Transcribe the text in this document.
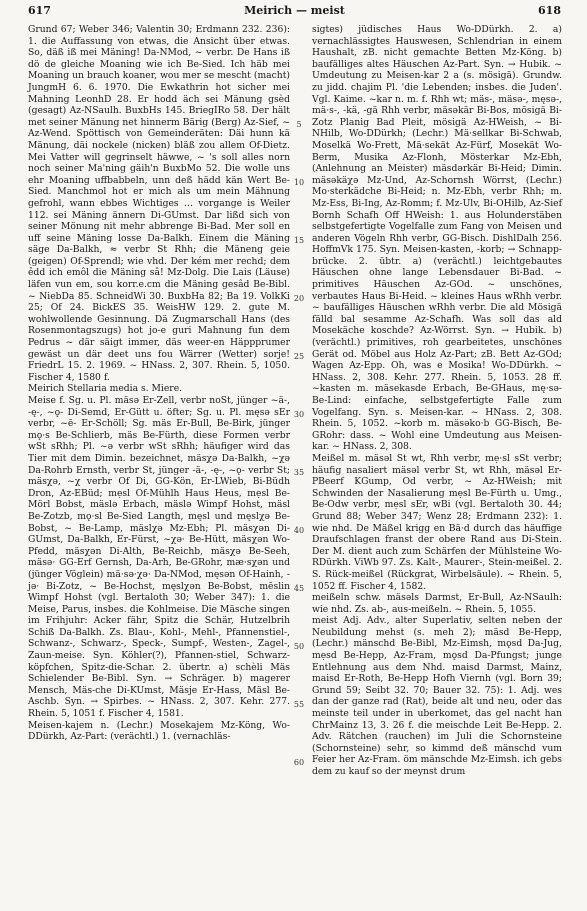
617	Meirich — meist	618

Grund 67; Weber 346; Valentin 30; Erdmann 232. 236): 1. die Auffassung von etwas, die Ansicht über etwas. So, däß iß mei Mäning! Da-NMod, ~ verbr. De Hans iß dö de gleiche Moaning wie ich Be-Sied. Ich häb mei Moaning un brauch koaner, wou mer se mescht (macht) JungmH 6. 6. 1970. Die Ewkathrin hot sicher mei Mahning LeonhD 28. Er hodd äch sei Mänung gsèd (gesagt) Az-NSaulh. BuxbHs 145. BriegIRo 58. Der hält met seiner Mänung net hinnerm Bärig (Berg) Az-Sief, ~ Az-Wend. Spöttisch von Gemeinderäten: Däi hunn kä Mänung, däi nockele (nicken) bläß zou allem Of-Dietz. Mei Vatter will gegrinselt häwwe, ~ 's soll alles norn noch seiner Ma'ning gäih'n BuxbMo 52. Die wolle uns ehr Moaning uffbabbeln, unn deß hädd kän Wert Be-Sied. Manchmol hot er mich als um mein Mähnung gefrohl, wann ebbes Wichtiges … vorgange is Weiler 112. sei Mäning ännern Di-GUmst. Dar lißd sich von seiner Mönung nit mehr abbrenge Bi-Bad. Mer soll en uff seine Mäning losse Da-Balkh. Einem die Mäning säge Da-Balkh, ≈ verbr St Rhh; die Mäneng geie (geigen) Of-Sprendl; wie vhd. Der kém mer rechd; dem ẻdd ich emôl die Mäning sâ! Mz-Dolg. Die Lais (Läuse) läfen vun em, sou korr.e.cm die Mäning gesâd Be-Bibl. ~ NiebDa 85. SchneidWi 30. BuxbHa 82; Ba 19. VolkKi 25; Of 24. BickES 35. WeisHW 129. 2. gute M. wohlwollende Gesinnung. Dä Zugmarschall Hans (des Rosenmontagszugs) hot jo-e guri Mahnung fun dem Pedrus ~ där säigt immer, däs weer-en Häppprumer gewäst un där deet uns fou Wärrer (Wetter) sorje! FriedrL 15. 2. 1969. ~ HNass. 2, 307. Rhein. 5, 1050. Fischer 4, 1580 f.

Meirich Stellaria media s. Miere.

Meise f. Sg. u. Pl. mäsə Er-Zell, verbr noSt, jünger ~ä-, -ę-, ~ǫ- Di-Semd, Er-Gütt u. öfter; Sg. u. Pl. męsə sEr verbr, ~ē- Er-Schöll; Sg. mäs Er-Bull, Be-Birk, jünger mǫ·s Be-Schlierb, mäs Be-Fürth, diese Formen verbr wSt sRhh; Pl. ~ə verbr wSt sRhh; häufiger wird das Tier mit dem Dimin. bezeichnet, mäsχə Da-Balkh, ~χə Da-Rohrb Ernsth, verbr St, jünger -ä-, -ę-, ~ǫ- verbr St; mäsχə, ~χ verbr Of Di, GG-Kön, Er-LWieb, Bi-Büdh Dron, Az-EBüd; mẹsl Of-Mühlh Haus Heus, mẹsl Be-Mörl Bobst, mäslə Erbach, mäslə Wimpf Hohst, mäsl Be-Zotzb, mǫ·sl Be-Sied Langth, męsl und męslχə Be-Bobst, ~ Be-Lamp, mäslχə Mz-Ebh; Pl. mäsχən Di-GUmst, Da-Balkh, Er-Fürst, ~χə· Be-Hütt, mäsχən Wo-Pfedd, mäsχən Di-Alth, Be-Reichb, mäsχə Be-Seeh, mäsə· GG-Erf Gernsh, Da-Arh, Be-GRohr, mæ·sχən und (jünger Vöglein) mä·sə·χə· Da-NMod, męsən Of-Hainh, -jə· Bi-Zotz, ~ Be-Hochst, męslχən Be-Bobst, mēslin Wimpf Hohst (vgl. Bertaloth 30; Weber 347): 1. die Meise, Parus, insbes. die Kohlmeise. Die Mäsche singen im Frihjuhr: Acker fähr, Spitz die Schär, Hutzelbrih Schiß Da-Balkh. Zs. Blau-, Kohl-, Mehl-, Pfannenstiel-, Schwanz-, Schwarz-, Speck-, Sumpf-, Westen-, Zagel-, Zaun-meise. Syn. Köhler(?), Pfannen-stiel, Schwarz-köpfchen, Spitz-die-Schar. 2. übertr. a) schèli Mäs Schielender Be-Bibl. Syn. → Schräger. b) magerer Mensch, Mäs-che Di-KUmst, Mäsje Er-Hass, Mäsl Be-Aschb. Syn. → Spirbes. ~ HNass. 2, 307. Kehr. 277. Rhein. 5, 1051 f. Fischer 4, 1581.

Meisen-kajem n. (Lechr.) Mosekajem Mz-Köng, Wo-DDürkh, Az-Part: (verächtl.) 1. (vernachläs-

5
10
15
20
25
30
35
40
45
50
55
60

sigtes) jüdisches Haus Wo-DDürkh. 2. a) vernachlässigtes Hauswesen, Schlendrian in einem Haushalt, zB. nicht gemachte Betten Mz-Köng. b) baufälliges altes Häuschen Az-Part. Syn. → Hubik. ~ Umdeutung zu Meisen-kar 2 a (s. mösigä). Grundw. zu jidd. chajim Pl. 'die Lebenden; insbes. die Juden'. Vgl. Kaime. ~kar n. m. f. Rhh wt; mäs-, mäsə-, męsə-, mä·s-, -kä, -gä Rhh verbr, mäsəkār Bi-Bos, mōsigä Bi-Zotz Planig Bad Pleit, mösigä Az-HWeish, ~ Bi-NHilb, Wo-DDürkh; (Lechr.) Mä·sellkar Bi-Schwab, Moselkä Wo-Frett, Mä·sekät Az-Fürf, Mosekät Wo-Berm, Musika Az-Flonh, Mösterkar Mz-Ebh, (Anlehnung an Meister) mäsdərkär Bi-Heid; Dimin. mäsəkäχə Mz-Und, Az-Schornsh Wörrst, (Lechr.) Mo·sterkädche Bi-Heid; n. Mz-Ebh, verbr Rhh; m. Mz-Ess, Bi-Ing, Az-Romm; f. Mz-Ulv, Bi-OHilb, Az-Sief Bornh Schafh Off HWeish: 1. aus Holunderstäben selbstgefertigte Vogelfalle zum Fang von Meisen und anderen Vögeln Rhh verbr, GG-Bisch. DishlDalh 256. HoffmVk 175. Syn. Meisen-kasten, -korb; → Schnapp-brücke. 2. übtr. a) (verächtl.) leichtgebautes Häuschen ohne lange Lebensdauer Bi-Bad. ~ primitives Häuschen Az-GOd. ~ unschönes, verbautes Haus Bi-Heid. ~ kleines Haus wRhh verbr. ~ baufälliges Häuschen wRhh verbr. Die ald Mösigä fälld bal sesamme Az-Schafh. Was soll das ald Mosekäche koschde? Az-Wörrst. Syn. → Hubik. b) (verächtl.) primitives, roh gearbeitetes, unschönes Gerät od. Möbel aus Holz Az-Part; zB. Bett Az-GOd; Wagen Az-Epp. Oh, was e Mosika! Wo-DDürkh. ~ HNass. 2, 308. Kehr. 277. Rhein. 5, 1053. 28 ff. ~kasten m. mäsekasde Erbach, Be-GHaus, mę·sə- Be-Lind: einfache, selbstgefertigte Falle zum Vogelfang. Syn. s. Meisen-kar. ~ HNass. 2, 308. Rhein. 5, 1052. ~korb m. mäsəko·b GG-Bisch, Be-GRohr: dass. ~ Wohl eine Umdeutung aus Meisen-kar. ~ HNass. 2, 308.

Meißel m. mäsəl St wt, Rhh verbr, mẹ·sl sSt verbr; häufig nasaliert mäsəl verbr St, wt Rhh, mäsəl Er-PBeerf KGump, Od verbr, ~ Az-HWeish; mit Schwinden der Nasalierung mẹsl Be-Fürth u. Umg., Be-Odw verbr, mẹsl sEr, wBi (vgl. Bertaloth 30. 44; Grund 88; Weber 347; Wenz 28; Erdmann 232): 1. wie nhd. De Mäßel krigg en Bä·d durch das häuffige Draufschlagen franst der obere Rand aus Di-Stein. Der M. dient auch zum Schärfen der Mühlsteine Wo-RDürkh. ViWb 97. Zs. Kalt-, Maurer-, Stein-meißel. 2. S. Rück-meißel (Rückgrat, Wirbelsäule). ~ Rhein. 5, 1052 ff. Fischer 4, 1582.

meißeln schw. mäsəls Darmst, Er-Bull, Az-NSaulh: wie nhd. Zs. ab-, aus-meißeln. ~ Rhein. 5, 1055.

meist Adj. Adv., alter Superlativ, selten neben der Neubildung mehst (s. meh 2); mäsd Be-Hepp, (Lechr.) mänschd Be-Bibl, Mz-Eimsh, mǫsd Da-Jug, mẹsd Be-Hepp, Az-Fram, mǫsd Da-Pfungst; junge Entlehnung aus dem Nhd. maisd Darmst, Mainz, maisd Er-Roth, Be-Hepp Hofh Viernh (vgl. Born 39; Grund 59; Seibt 32. 70; Bauer 32. 75): 1. Adj. wes dan der ganze rad (Rat), beide alt und neu, oder das meinste teil under in uberkomet, das gel nacht han ChrMainz 13, 3. 26 f. die meischde Leit Be-Hepp. 2. Adv. Rätchen (rauchen) im Juli die Schornsteine (Schornsteine) sehr, so kimmd deß mänschd vum Feier her Az-Fram. öm mänschde Mz-Eimsh. ich gebs dem zu kauf so der meynst drum
